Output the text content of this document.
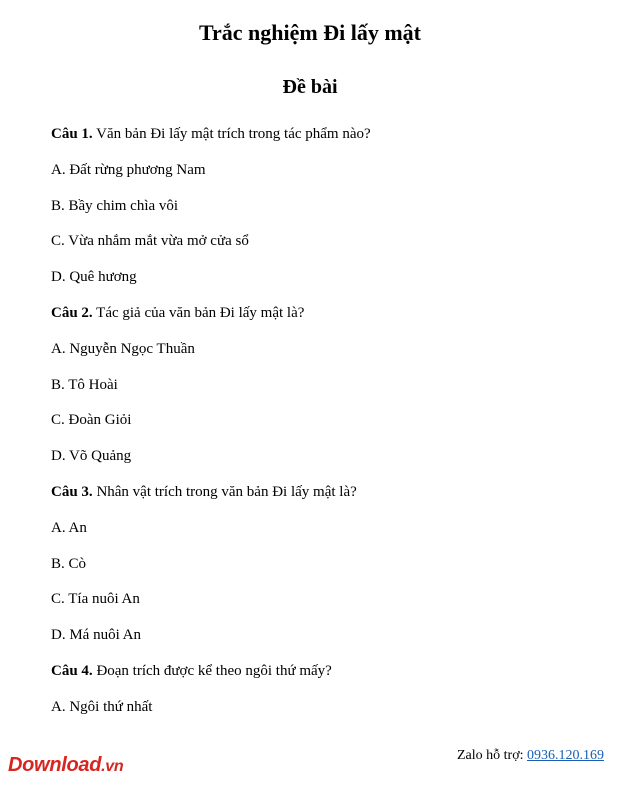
Trắc nghiệm Đi lấy mật
Đề bài
Câu 1. Văn bản Đi lấy mật trích trong tác phẩm nào?
A. Đất rừng phương Nam
B. Bầy chim chìa vôi
C. Vừa nhắm mắt vừa mở cửa sổ
D. Quê hương
Câu 2. Tác giả của văn bản Đi lấy mật là?
A. Nguyễn Ngọc Thuần
B. Tô Hoài
C. Đoàn Giỏi
D. Võ Quảng
Câu 3. Nhân vật trích trong văn bản Đi lấy mật là?
A. An
B. Cò
C. Tía nuôi An
D. Má nuôi An
Câu 4. Đoạn trích được kể theo ngôi thứ mấy?
A. Ngôi thứ nhất
Download.vn
Zalo hỗ trợ: 0936.120.169
